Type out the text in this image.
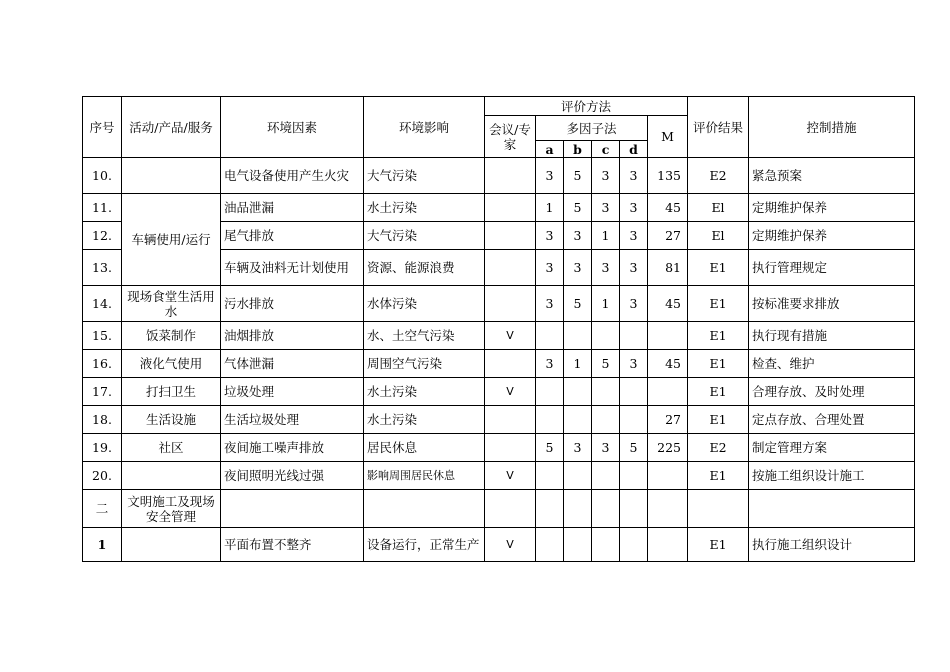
序号	活动/产品/服务	环境因素	环境影响	评价方法						评价结果	控制措施
				会议/专家	多因子法				M		
					a	b	c	d			
10.		电气设备使用产生火灾	大气污染		3	5	3	3	135	E2	紧急预案
11.	车辆使用/运行	油品泄漏	水土污染		1	5	3	3	45	El	定期维护保养
12.		尾气排放	大气污染		3	3	1	3	27	El	定期维护保养
13.		车辆及油料无计划使用	资源、能源浪费		3	3	3	3	81	E1	执行管理规定
14.	现场食堂生活用水	污水排放	水体污染		3	5	1	3	45	E1	按标准要求排放
15.	饭菜制作	油烟排放	水、土空气污染	V						E1	执行现有措施
16.	液化气使用	气体泄漏	周围空气污染		3	1	5	3	45	E1	检查、维护
17.	打扫卫生	垃圾处理	水土污染	V						E1	合理存放、及时处理
18.	生活设施	生活垃圾处理	水土污染						27	E1	定点存放、合理处置
19.	社区	夜间施工噪声排放	居民休息		5	3	3	5	225	E2	制定管理方案
20.		夜间照明光线过强	影响周围居民休息	V						E1	按施工组织设计施工
二	文明施工及现场安全管理										
1		平面布置不整齐	设备运行，正常生产	V						E1	执行施工组织设计
